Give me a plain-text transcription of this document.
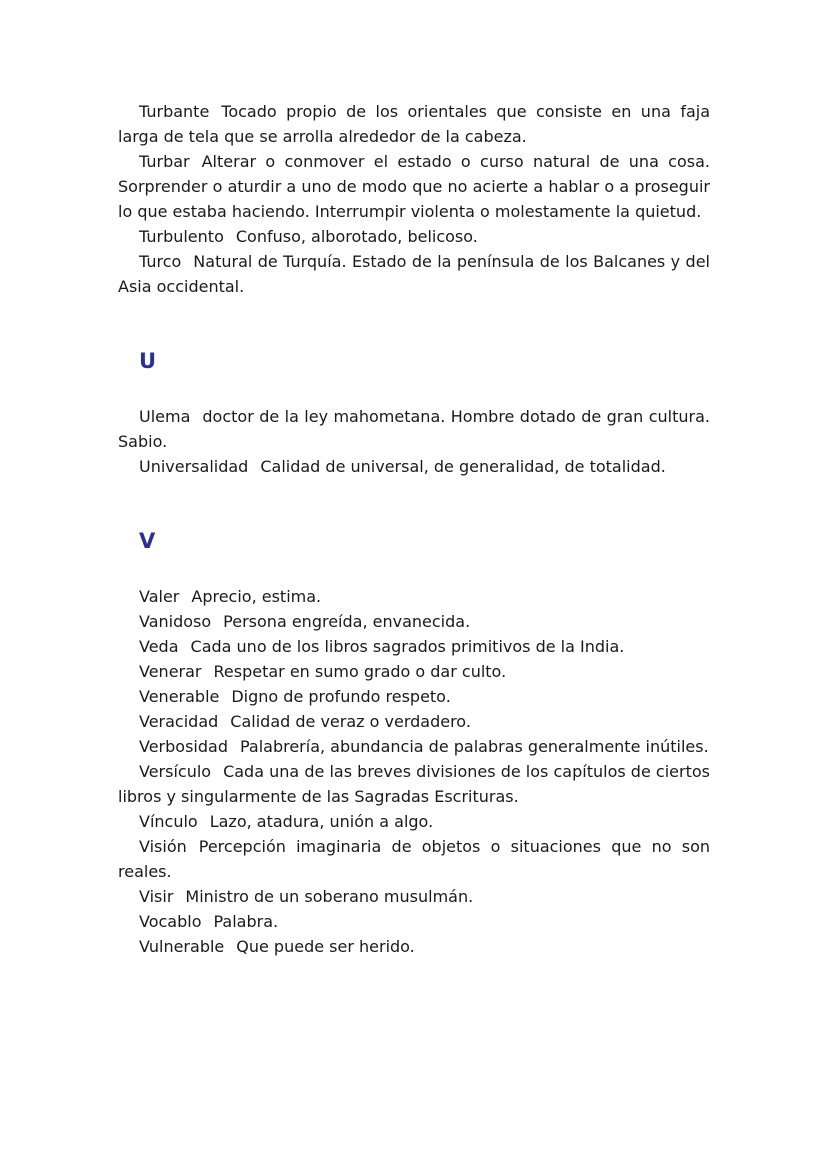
Turbante Tocado propio de los orientales que consiste en una faja larga de tela que se arrolla alrededor de la cabeza.

Turbar Alterar o conmover el estado o curso natural de una cosa. Sorprender o aturdir a uno de modo que no acierte a hablar o a proseguir lo que estaba haciendo. Interrumpir violenta o molestamente la quietud.

Turbulento Confuso, alborotado, belicoso.

Turco Natural de Turquía. Estado de la península de los Balcanes y del Asia occidental.

U

Ulema doctor de la ley mahometana. Hombre dotado de gran cultura. Sabio.

Universalidad Calidad de universal, de generalidad, de totalidad.

V

Valer Aprecio, estima.

Vanidoso Persona engreída, envanecida.

Veda Cada uno de los libros sagrados primitivos de la India.

Venerar Respetar en sumo grado o dar culto.

Venerable Digno de profundo respeto.

Veracidad Calidad de veraz o verdadero.

Verbosidad Palabrería, abundancia de palabras generalmente inútiles.

Versículo Cada una de las breves divisiones de los capítulos de ciertos libros y singularmente de las Sagradas Escrituras.

Vínculo Lazo, atadura, unión a algo.

Visión Percepción imaginaria de objetos o situaciones que no son reales.

Visir Ministro de un soberano musulmán.

Vocablo Palabra.

Vulnerable Que puede ser herido.
